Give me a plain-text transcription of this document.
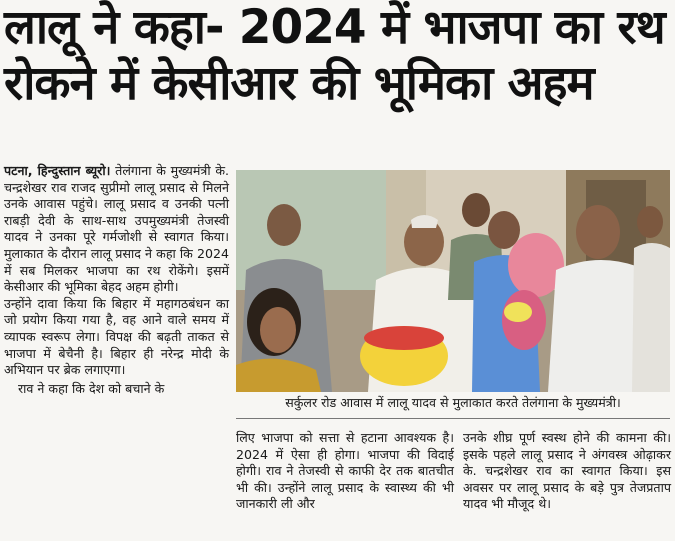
लालू ने कहा- 2024 में भाजपा का रथ
रोकने में केसीआर की भूमिका अहम

पटना, हिन्दुस्तान ब्यूरो। तेलंगाना के मुख्यमंत्री के. चन्द्रशेखर राव राजद सुप्रीमो लालू प्रसाद से मिलने उनके आवास पहुंचे। लालू प्रसाद व उनकी पत्नी राबड़ी देवी के साथ-साथ उपमुख्यमंत्री तेजस्वी यादव ने उनका पूरे गर्मजोशी से स्वागत किया। मुलाकात के दौरान लालू प्रसाद ने कहा कि 2024 में सब मिलकर भाजपा का रथ रोकेंगे। इसमें केसीआर की भूमिका बेहद अहम होगी।

उन्होंने दावा किया कि बिहार में महागठबंधन का जो प्रयोग किया गया है, वह आने वाले समय में व्यापक स्वरूप लेगा। विपक्ष की बढ़ती ताकत से भाजपा में बेचैनी है। बिहार ही नरेन्द्र मोदी के अभियान पर ब्रेक लगाएगा।

राव ने कहा कि देश को बचाने के

सर्कुलर रोड आवास में लालू यादव से मुलाकात करते तेलंगाना के मुख्यमंत्री।

लिए भाजपा को सत्ता से हटाना आवश्यक है। 2024 में ऐसा ही होगा। भाजपा की विदाई होगी। राव ने तेजस्वी से काफी देर तक बातचीत भी की। उन्होंने लालू प्रसाद के स्वास्थ्य की भी जानकारी ली और

उनके शीघ्र पूर्ण स्वस्थ होने की कामना की। इसके पहले लालू प्रसाद ने अंगवस्त्र ओढ़ाकर के. चन्द्रशेखर राव का स्वागत किया। इस अवसर पर लालू प्रसाद के बड़े पुत्र तेजप्रताप यादव भी मौजूद थे।
